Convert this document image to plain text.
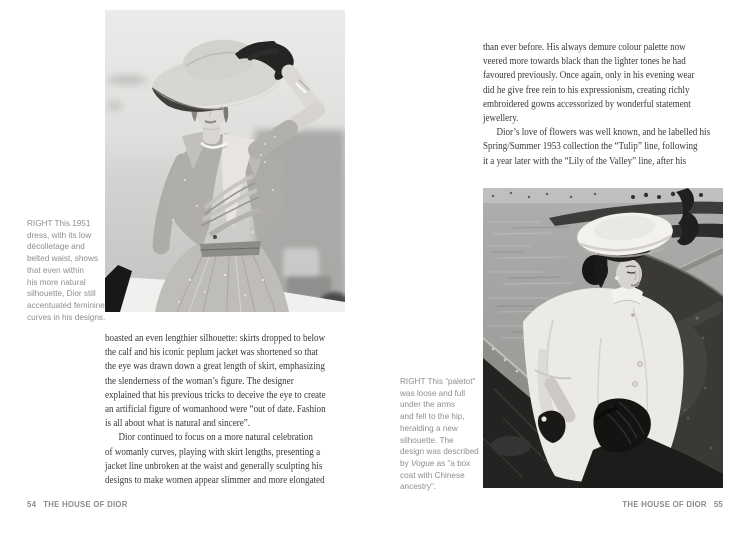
RIGHT This 1951
dress, with its low
décolletage and
belted waist, shows
that even within
his more natural
silhouette, Dior still
accentuated feminine
curves in his designs.
boasted an even lengthier silhouette: skirts dropped to below
the calf and his iconic peplum jacket was shortened so that
the eye was drawn down a great length of skirt, emphasizing
the slenderness of the woman’s figure. The designer
explained that his previous tricks to deceive the eye to create
an artificial figure of womanhood were “out of date. Fashion
is all about what is natural and sincere”.
Dior continued to focus on a more natural celebration
of womanly curves, playing with skirt lengths, presenting a
jacket line unbroken at the waist and generally sculpting his
designs to make women appear slimmer and more elongated
54 THE HOUSE OF DIOR
than ever before. His always demure colour palette now
veered more towards black than the lighter tones he had
favoured previously. Once again, only in his evening wear
did he give free rein to his expressionism, creating richly
embroidered gowns accessorized by wonderful statement
jewellery.
Dior’s love of flowers was well known, and he labelled his
Spring/Summer 1953 collection the “Tulip” line, following
it a year later with the “Lily of the Valley” line, after his
RIGHT This “paletot”
was loose and full
under the arms
and fell to the hip,
heralding a new
silhouette. The
design was described
by Vogue as “a box
coat with Chinese
ancestry”.
THE HOUSE OF DIOR 55
